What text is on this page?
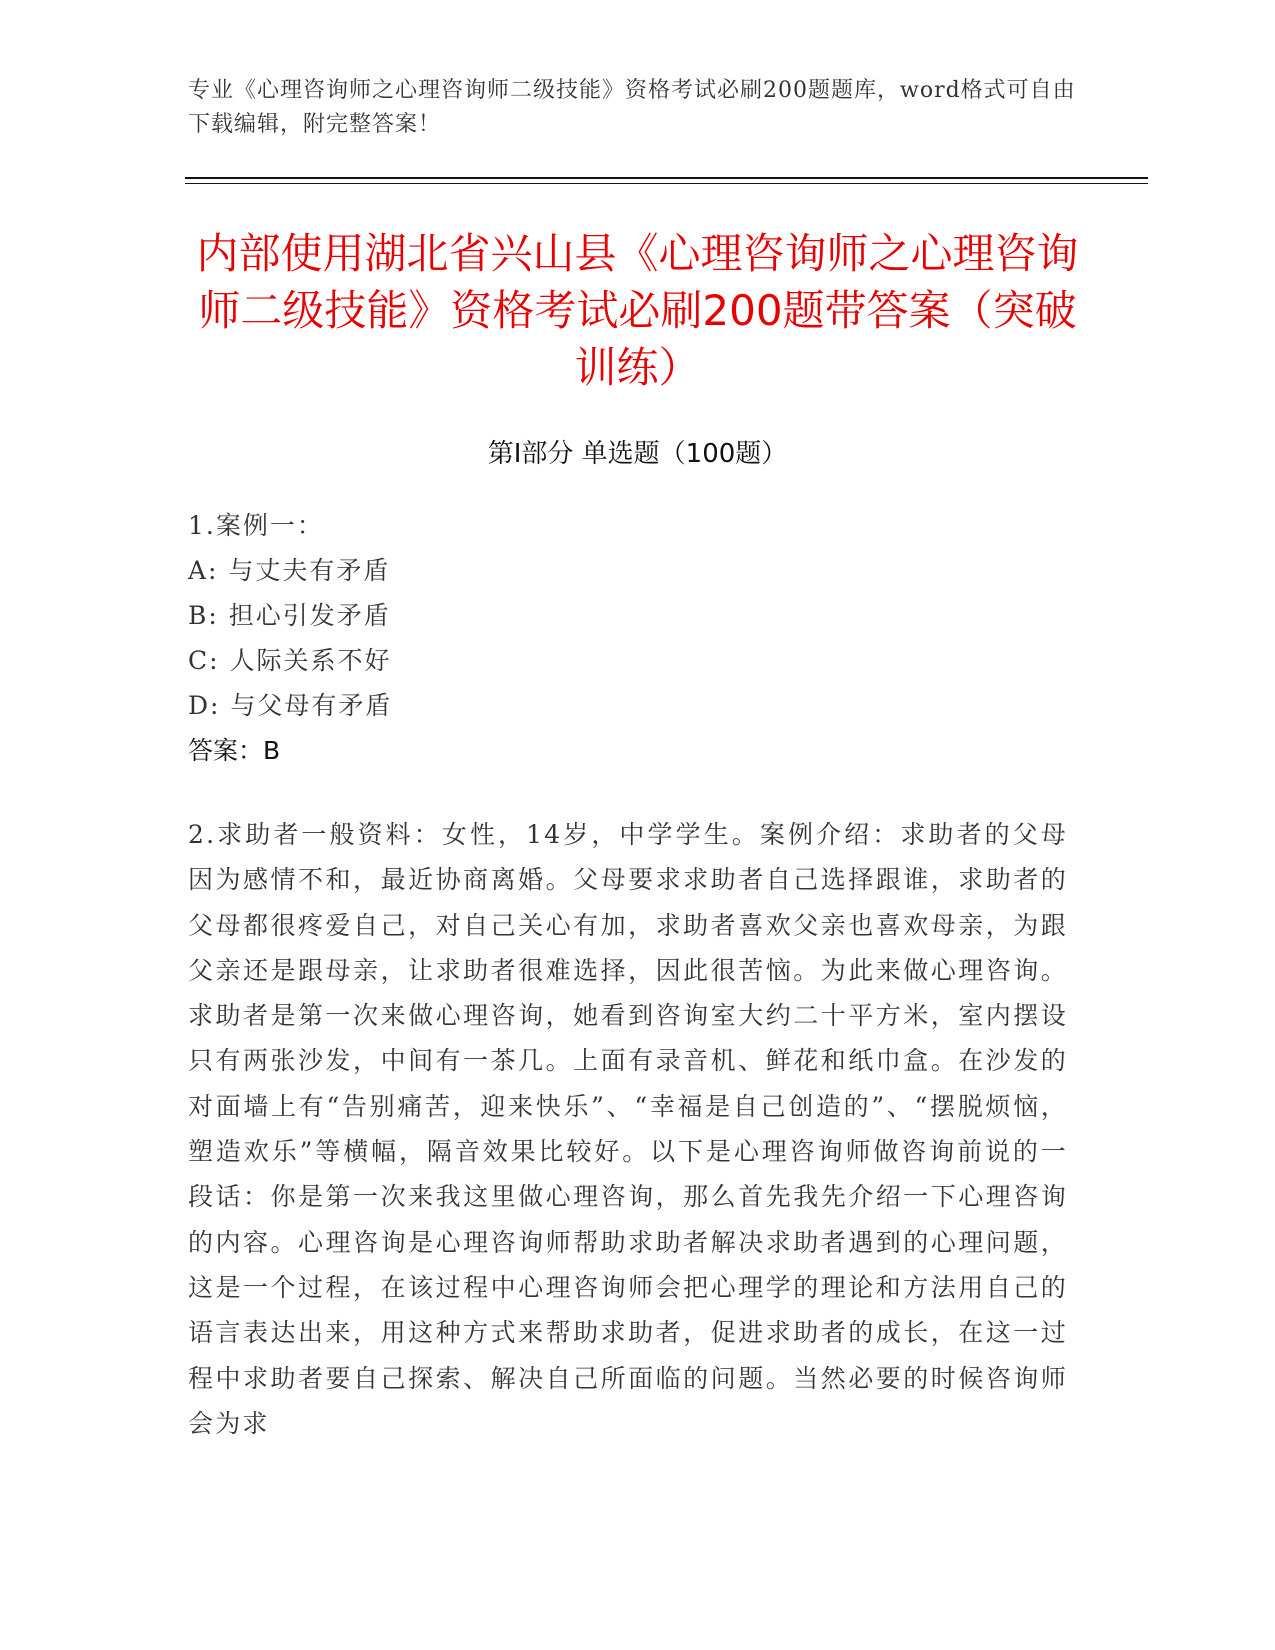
专业《心理咨询师之心理咨询师二级技能》资格考试必刷200题题库，word格式可自由下载编辑，附完整答案！

内部使用湖北省兴山县《心理咨询师之心理咨询师二级技能》资格考试必刷200题带答案（突破训练）
第Ⅰ部分 单选题（100题）

1.案例一：

A: 与丈夫有矛盾

B: 担心引发矛盾

C: 人际关系不好

D: 与父母有矛盾

答案：B

2.求助者一般资料：女性，14岁，中学学生。案例介绍：求助者的父母因为感情不和，最近协商离婚。父母要求求助者自己选择跟谁，求助者的父母都很疼爱自己，对自己关心有加，求助者喜欢父亲也喜欢母亲，为跟父亲还是跟母亲，让求助者很难选择，因此很苦恼。为此来做心理咨询。求助者是第一次来做心理咨询，她看到咨询室大约二十平方米，室内摆设只有两张沙发，中间有一茶几。上面有录音机、鲜花和纸巾盒。在沙发的对面墙上有“告别痛苦，迎来快乐”、“幸福是自己创造的”、“摆脱烦恼，塑造欢乐”等横幅，隔音效果比较好。以下是心理咨询师做咨询前说的一段话：你是第一次来我这里做心理咨询，那么首先我先介绍一下心理咨询的内容。心理咨询是心理咨询师帮助求助者解决求助者遇到的心理问题，这是一个过程，在该过程中心理咨询师会把心理学的理论和方法用自己的语言表达出来，用这种方式来帮助求助者，促进求助者的成长，在这一过程中求助者要自己探索、解决自己所面临的问题。当然必要的时候咨询师会为求
